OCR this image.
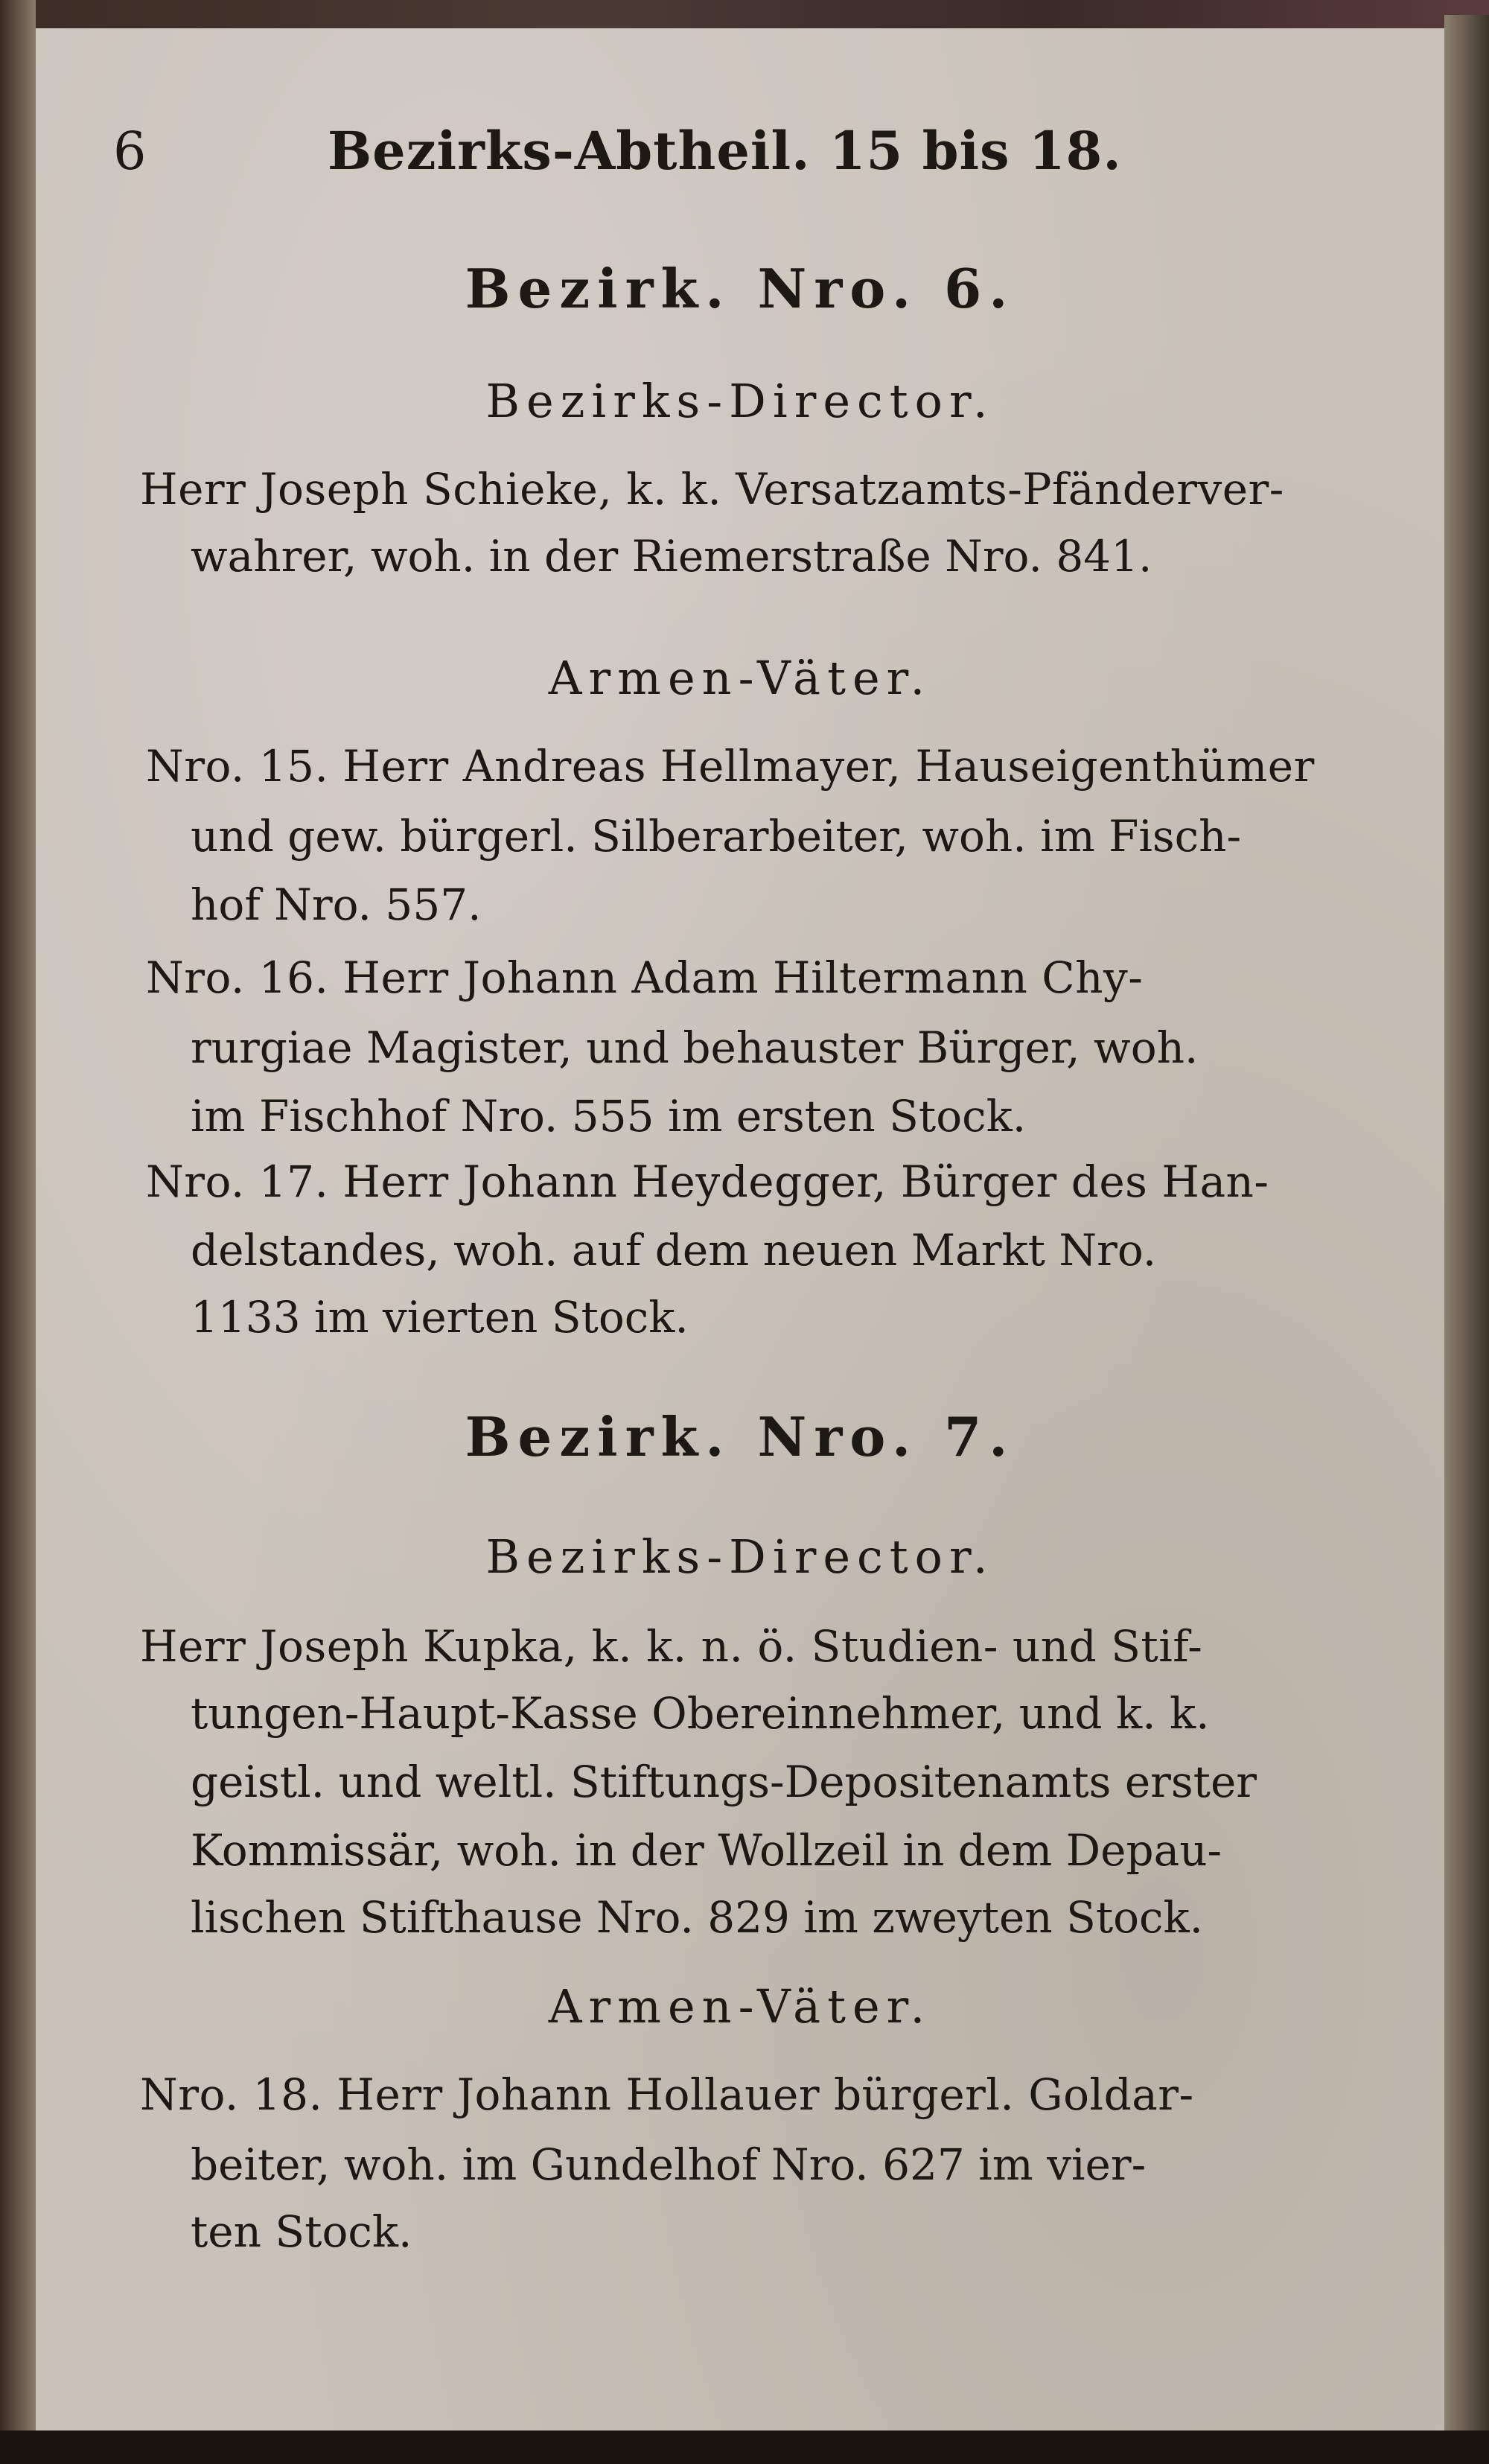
6	Bezirks-Abtheil. 15 bis 18.
Bezirk. Nro. 6.
Bezirks-Director.
Herr Joseph Schieke, k. k. Versatzamts-Pfänderver-
wahrer, woh. in der Riemerstraße Nro. 841.
Armen-Väter.
Nro. 15. Herr Andreas Hellmayer, Hauseigenthümer
und gew. bürgerl. Silberarbeiter, woh. im Fisch-
hof Nro. 557.
Nro. 16. Herr Johann Adam Hiltermann Chy-
rurgiae Magister, und behauster Bürger, woh.
im Fischhof Nro. 555 im ersten Stock.
Nro. 17. Herr Johann Heydegger, Bürger des Han-
delstandes, woh. auf dem neuen Markt Nro.
1133 im vierten Stock.
Bezirk. Nro. 7.
Bezirks-Director.
Herr Joseph Kupka, k. k. n. ö. Studien- und Stif-
tungen-Haupt-Kasse Obereinnehmer, und k. k.
geistl. und weltl. Stiftungs-Depositenamts erster
Kommissär, woh. in der Wollzeil in dem Depau-
lischen Stifthause Nro. 829 im zweyten Stock.
Armen-Väter.
Nro. 18. Herr Johann Hollauer bürgerl. Goldar-
beiter, woh. im Gundelhof Nro. 627 im vier-
ten Stock.
